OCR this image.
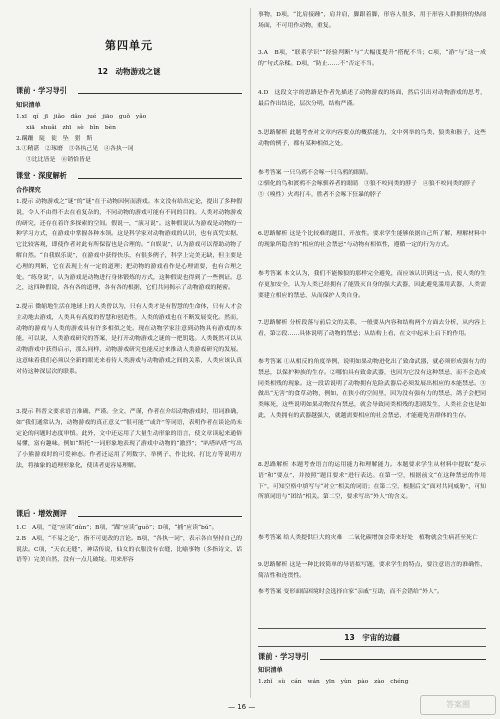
第四单元
12　动物游戏之谜
课前 · 学习导引
知识清单

1.xī　qí　jī　jiǎo　dǎo　jué　jiāo　guǒ　yǎo

xiā　shuǎi　zhī　sè　bǐn　bèn

2.蹒跚　陡　徙　坠　猎　斯

3.①精湛　②琢磨　③各执己见　④各执一词

⑤比比皆是　⑥销恰皆是

课堂 · 深度解析
合作探究

1.提示 动物游戏之“谜”的“谜”在于动物因何而游戏。本文没有给出定论，提出了多种假说，令人不由得不去在看复杂的，不同动物的游戏可能有不同的目的。人类对动物游戏的研究，还存在着许多探索的空间。假说一，“演习说”。这种假说认为游戏是动物的一种学习方式，在游戏中掌握各种本领。这是科学家对动物游戏的认识，也有真凭实据，它比较客观，即使作者对此有所保留也是合理的。“自娱说”，认为游戏可以帮助动物了解自然。“自我娱乐说”，在游戏中获得快乐，有很多例子，科学上完美无缺，但主要是心理的判断，它在表现上有一定的道理；把动物的游戏看作是心理需要，也有合理之处。“练身说”，认为游戏是动物进行身体锻炼的方式，这种假说也得到了一些例证。总之，这四种假说，各有各的道理，各有各的根据，它们共同揭示了动物游戏的秘密。

2.提示 微缩地生活在地球上的人类曾以为，只有人类才是有智慧的生命体，只有人才会主动地去游戏，人类具有高度的智慧和创造性，人类的游戏也在不断发展变化。然而，动物的游戏与人类的游戏具有许多相似之处。现在动物学家注意到动物具有游戏的本能，可以说，人类游戏研究的答案，是打开动物游戏之谜的一把钥匙。人类既然可以从动物游戏中获得启示，那么同样，动物游戏研究也能反过来推动人类游戏研究的发展。这意味着我们必须以全新的眼光来看待人类游戏与动物游戏之间的关系，人类应该认真对待这种深层次的联系。

3.提示 科普文要求语言准确、严谨。全文、严谨，作者在介绍动物游戏时，用词准确，如“我们通常认为，动物游戏的真正意义”“很可能”“或许”等词语，表明作者在谈论尚未定论的问题时态度审慎。此外，文中还运用了大量生动形象的语言，使文章读起来通俗易懂，富有趣味。例如“斯托”一词形象地表现了游戏中动物的“激烈”；“叭嗒叭嗒”写出了小熊游戏时的可爱神态。作者还运用了列数字、举例子、作比较、打比方等说明方法，将抽象的道理形象化，使读者更容易理解。

课后 · 增效测评

1.C　A项，“趸”应读“dǔn”；B项，“踝”应读“guǒ”；D项，“捕”应读“bǔ”。

2.B　A项，“不易之论”，指不可更改的言论。B项，“各执一词”，表示各自坚持自己的说法。C项，“天衣无缝”，神话传说，仙女的衣服没有衣缝，比喻事物（多指诗文、话语等）完美自然，没有一点儿破绽。用来形容

事物，D项，“比肩接踵”，肩并肩，脚跟着脚，形容人很多，用于形容人群拥挤的热闹场面，不可用作动物，重复。

3.A　B项，“联系学识”“经验判断”与“大幅度提升”搭配不当；C项，“游”与“这一成的”句式杂糅。D项，“防止……不”否定不当。

4.D　这段文字的思路是作者先描述了动物游戏的场面，然后引出对动物游戏的思考，最后作出结论，层次分明，结构严谨。

5.思路解析 此题考查对文章内容要点的概括能力，文中列举的鸟类、狼类和猴子，这些动物的例子，都有某种相似之处。

参考答案 一只乌鸦不会啄一只乌鸦的眼睛。
②驯化的鸟和渡鸦不会啄驯养者的眼睛　③狼不咬同类的脖子　④狼不咬同类的脖子
⑤（嗅性）火鸡打斗，胜者不会啄下狂暴的脖子

6.思路解析 这是个比较难的题目，开放性。要求学生能够依据自己所了解，理解材料中的现象所隐含的“相应的社会禁忌”与动物有相似性，遵循一定的行为方式。

参考答案 本文认为，我们不能像狼的那样完全避免，而应该认识到这一点，使人类的生存更加安全，认为人类已经拥有了能毁灭自身的强大武器，因此避免滥用武器，人类需要建立相应的禁忌，从而保护人类自身。

7.思路解析 分析段落与前后文的关系，一般要从内容和结构两个方面去分析，从内容上看，第②段……具体说明了动物的禁忌；从结构上看，在文中起承上启下的作用。

参考答案 ①从相反的角度举例，说明如果动物进化出了致命武器，就必须形成强有力的禁忌，以保护种族的生存。②哪怕具有致命武器，也因为它没有这种禁忌，而不会造成同类相残的现象。这一段话说明了动物拥有危险武器后必须发展出相应的本能禁忌。③做出“无害”的食草动物，例如，在狭小的空间里，因为没有强有力的禁忌，鸽子会把同类啄死，这些说明如果动物没有禁忌，就会导致同类相残的悲剧发生，人类社会也是如此，人类拥有的武器越强大，就越需要相应的社会禁忌，才能避免害群体的生存。

8.思路解析 本题考查语言的运用能力和理解能力。本题要求学生从材料中提取“提示语”和“要点”，并按照“题目要求”进行表达。在第一空，根据前文“在这种禁忌的作用下”，可知空格中填写与“对立”相关的词语；在第二空，根据后文“面对共同威胁”，可知所填词语与“团结”相关。第二空，要求写出“外人”的含义。

参考答案 给人类提供巨大的灾难　二氧化碳增加会带来好处　植物就会生病甚至死亡

9.思路解析 这是一种比较简单的导语拟写题，要求学生的特点，要注意语言的准确性、简洁性和连贯性。

参考答案 变形面临困境时会选择自家“亲戚”互助，而不会错给“外人”。

13　宇宙的边疆
课前 · 学习导引
知识清单

1.zhǐ　sù　cán　wán　yīn　yùn　pào　zào　chéng

— 16 —	答案圈
